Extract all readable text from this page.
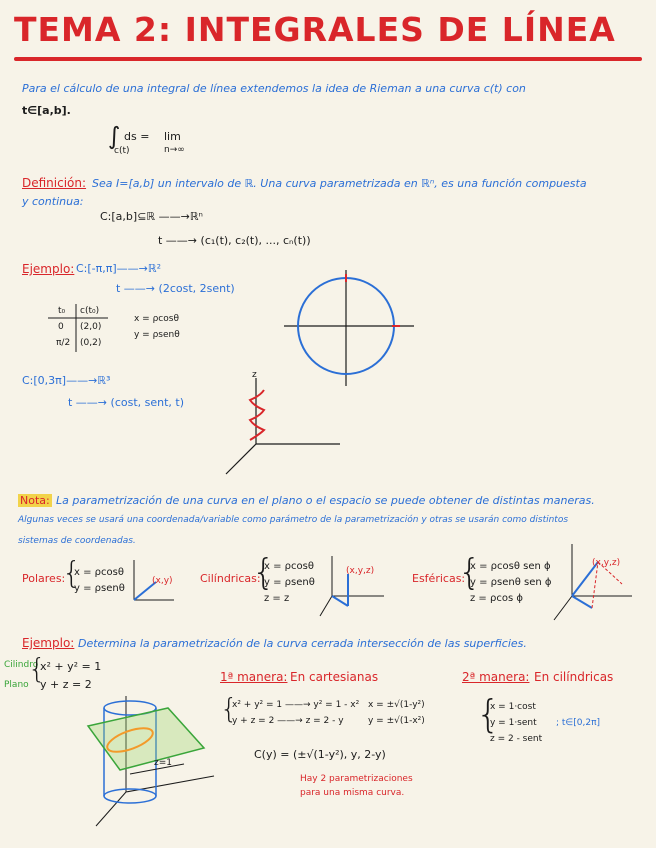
TEMA 2: INTEGRALES DE LÍNEA
Para el cálculo de una integral de línea extendemos la idea de Rieman a una curva c(t) con
t∈[a,b].
∫
c(t)
ds = lim
n→∞
Definición: Sea I=[a,b] un intervalo de ℝ. Una curva parametrizada en ℝⁿ, es una función compuesta
y continua:
C:[a,b]⊆ℝ ——→ℝⁿ
t ——→ (c₁(t), c₂(t), ..., cₙ(t))
Ejemplo: C:[-π,π]——→ℝ²
t ——→ (2cost, 2sent)
t₀ c(t₀)
0 (2,0)
π/2 (0,2)
x = ρcosθ
y = ρsenθ
C:[0,3π]——→ℝ³
t ——→ (cost, sent, t)
z
Nota: La parametrización de una curva en el plano o el espacio se puede obtener de distintas maneras.
Algunas veces se usará una coordenada/variable como parámetro de la parametrización y otras se usarán como distintos
sistemas de coordenadas.
Polares:
{
x = ρcosθ
y = ρsenθ
(x,y) Cilíndricas:
{
x = ρcosθ
y = ρsenθ
z = z
(x,y,z)
Esféricas:
{
x = ρcosθ sen ϕ
y = ρsenθ sen ϕ
z = ρcos ϕ
(x,y,z)
Ejemplo: Determina la parametrización de la curva cerrada intersección de las superficies.
Cilindro
Plano {
x² + y² = 1
y + z = 2
z=1
1ª manera: En cartesianas
{
x² + y² = 1 ——→ y² = 1 - x²
y + z = 2 ——→ z = 2 - y
x = ±√(1-y²)
y = ±√(1-x²)
C(y) = (±√(1-y²), y, 2-y)
Hay 2 parametrizaciones
para una misma curva.
2ª manera: En cilíndricas
{
x = 1·cost
y = 1·sent
z = 2 - sent
; t∈[0,2π]
